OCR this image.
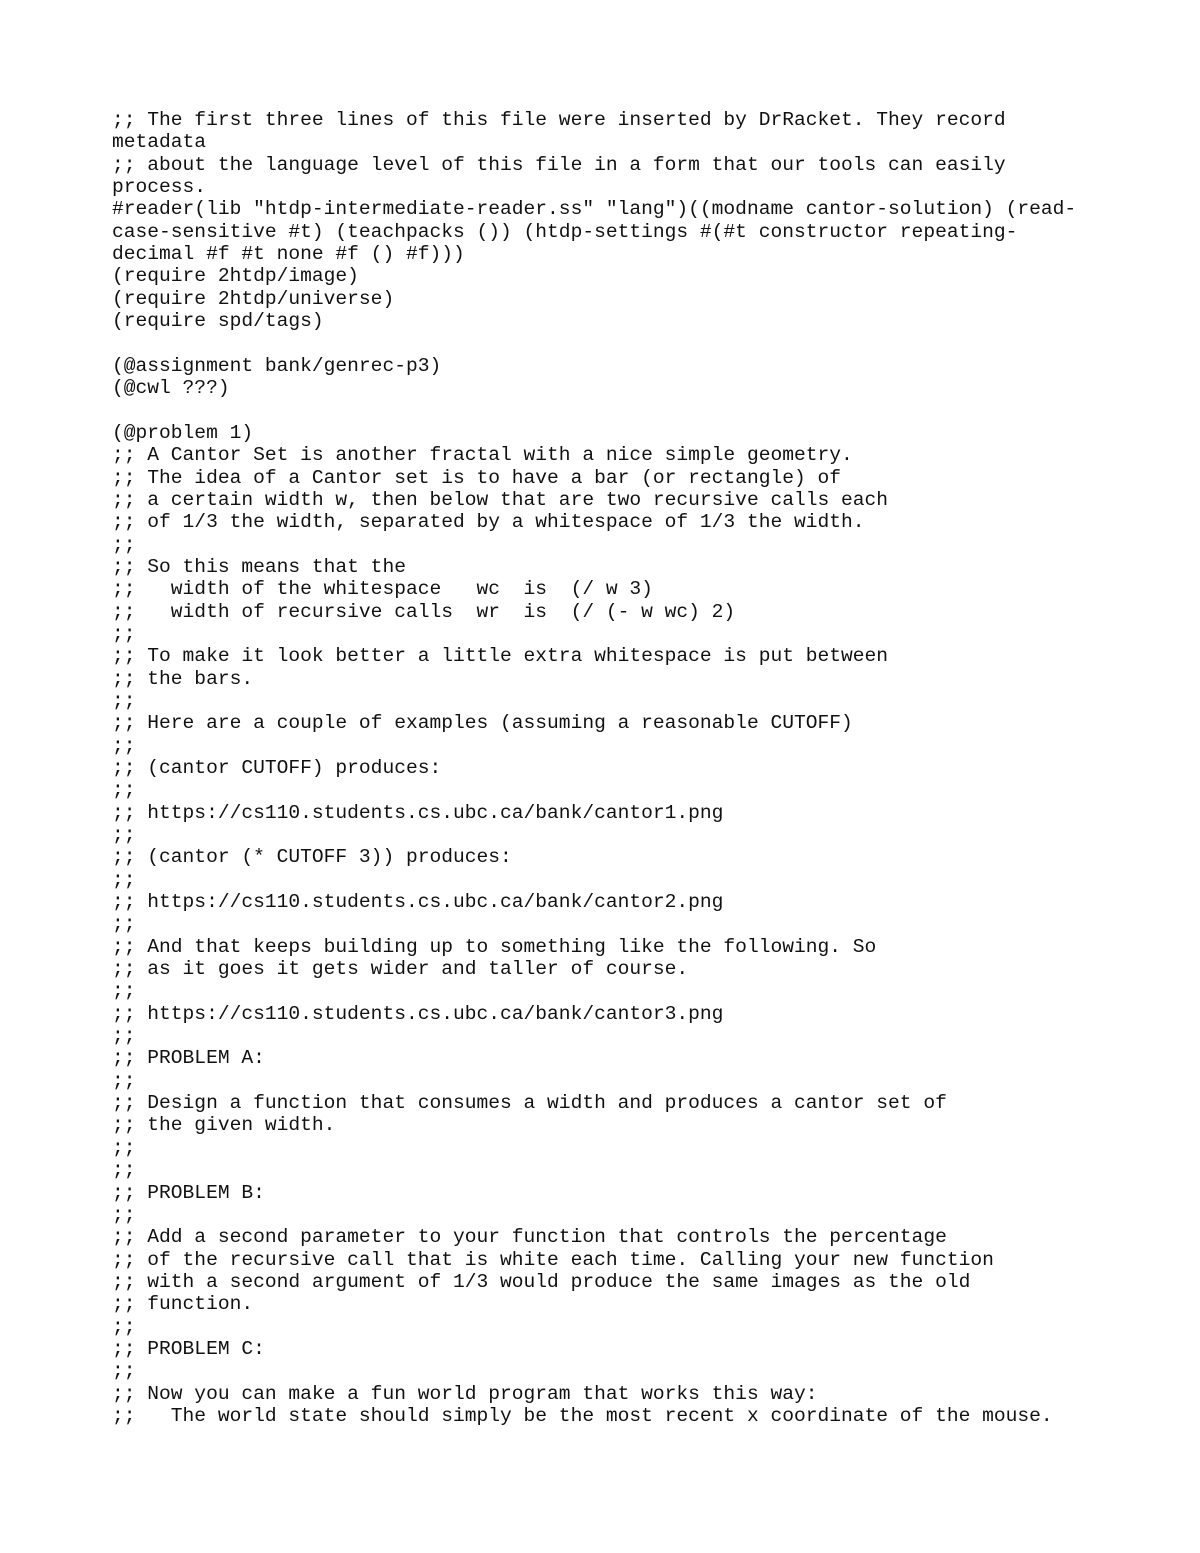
;; The first three lines of this file were inserted by DrRacket. They record
metadata
;; about the language level of this file in a form that our tools can easily
process.
#reader(lib "htdp-intermediate-reader.ss" "lang")((modname cantor-solution) (read-
case-sensitive #t) (teachpacks ()) (htdp-settings #(#t constructor repeating-
decimal #f #t none #f () #f)))
(require 2htdp/image)
(require 2htdp/universe)
(require spd/tags)
(@assignment bank/genrec-p3)
(@cwl ???)
(@problem 1)
;; A Cantor Set is another fractal with a nice simple geometry.
;; The idea of a Cantor set is to have a bar (or rectangle) of
;; a certain width w, then below that are two recursive calls each
;; of 1/3 the width, separated by a whitespace of 1/3 the width.
;;
;; So this means that the
;;   width of the whitespace   wc  is  (/ w 3)
;;   width of recursive calls  wr  is  (/ (- w wc) 2)
;;
;; To make it look better a little extra whitespace is put between
;; the bars.
;;
;; Here are a couple of examples (assuming a reasonable CUTOFF)
;;
;; (cantor CUTOFF) produces:
;;
;; https://cs110.students.cs.ubc.ca/bank/cantor1.png
;;
;; (cantor (* CUTOFF 3)) produces:
;;
;; https://cs110.students.cs.ubc.ca/bank/cantor2.png
;;
;; And that keeps building up to something like the following. So
;; as it goes it gets wider and taller of course.
;;
;; https://cs110.students.cs.ubc.ca/bank/cantor3.png
;;
;; PROBLEM A:
;;
;; Design a function that consumes a width and produces a cantor set of
;; the given width.
;;
;;
;; PROBLEM B:
;;
;; Add a second parameter to your function that controls the percentage
;; of the recursive call that is white each time. Calling your new function
;; with a second argument of 1/3 would produce the same images as the old
;; function.
;;
;; PROBLEM C:
;;
;; Now you can make a fun world program that works this way:
;;   The world state should simply be the most recent x coordinate of the mouse.
